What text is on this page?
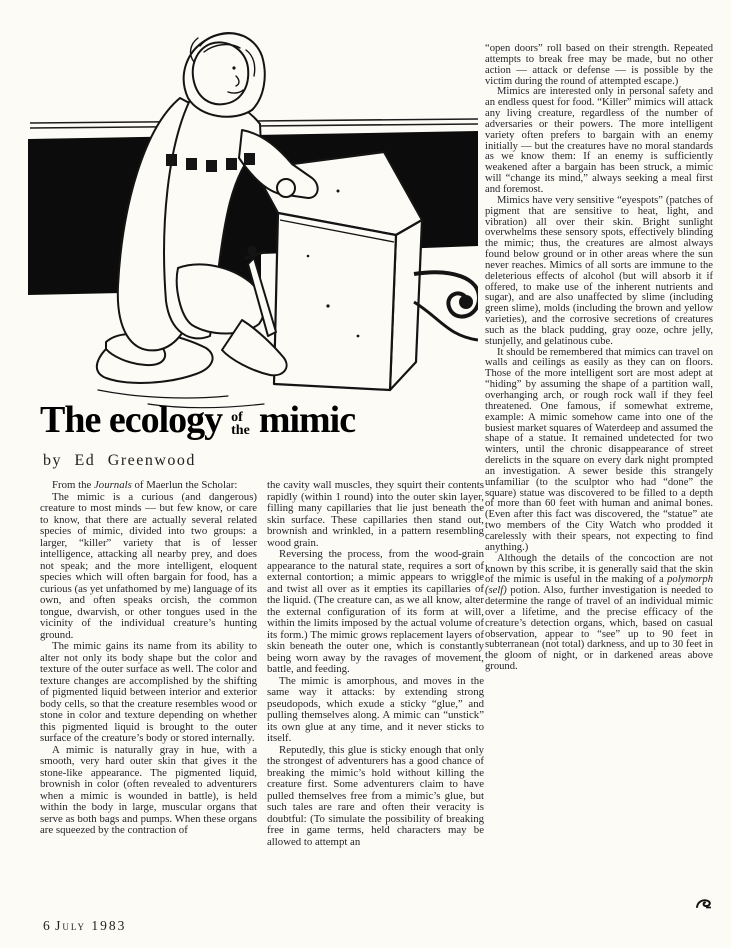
The ecology of
the mimic
by Ed Greenwood

From the Journals of Maerlun the Scholar:

The mimic is a curious (and dangerous) creature to most minds — but few know, or care to know, that there are actually several related species of mimic, divided into two groups: a larger, “killer” variety that is of lesser intelligence, attacking all nearby prey, and does not speak; and the more intelligent, eloquent species which will often bargain for food, has a curious (as yet unfathomed by me) language of its own, and often speaks orcish, the common tongue, dwarvish, or other tongues used in the vicinity of the individual creature’s hunting ground.

The mimic gains its name from its ability to alter not only its body shape but the color and texture of the outer surface as well. The color and texture changes are accomplished by the shifting of pigmented liquid between interior and exterior body cells, so that the creature resembles wood or stone in color and texture depending on whether this pigmented liquid is brought to the outer surface of the creature’s body or stored internally.

A mimic is naturally gray in hue, with a smooth, very hard outer skin that gives it the stone-like appearance. The pigmented liquid, brownish in color (often revealed to adventurers when a mimic is wounded in battle), is held within the body in large, muscular organs that serve as both bags and pumps. When these organs are squeezed by the contraction of

the cavity wall muscles, they squirt their contents rapidly (within 1 round) into the outer skin layer, filling many capillaries that lie just beneath the skin surface. These capillaries then stand out, brownish and wrinkled, in a pattern resembling wood grain.

Reversing the process, from the wood-grain appearance to the natural state, requires a sort of external contortion; a mimic appears to wriggle and twist all over as it empties its capillaries of the liquid. (The creature can, as we all know, alter the external configuration of its form at will, within the limits imposed by the actual volume of its form.) The mimic grows replacement layers of skin beneath the outer one, which is constantly being worn away by the ravages of movement, battle, and feeding.

The mimic is amorphous, and moves in the same way it attacks: by extending strong pseudopods, which exude a sticky “glue,” and pulling themselves along. A mimic can “unstick” its own glue at any time, and it never sticks to itself.

Reputedly, this glue is sticky enough that only the strongest of adventurers has a good chance of breaking the mimic’s hold without killing the creature first. Some adventurers claim to have pulled themselves free from a mimic’s glue, but such tales are rare and often their veracity is doubtful: (To simulate the possibility of breaking free in game terms, held characters may be allowed to attempt an

“open doors” roll based on their strength. Repeated attempts to break free may be made, but no other action — attack or defense — is possible by the victim during the round of attempted escape.)

Mimics are interested only in personal safety and an endless quest for food. “Killer” mimics will attack any living creature, regardless of the number of adversaries or their powers. The more intelligent variety often prefers to bargain with an enemy initially — but the creatures have no moral standards as we know them: If an enemy is sufficiently weakened after a bargain has been struck, a mimic will “change its mind,” always seeking a meal first and foremost.

Mimics have very sensitive “eyespots” (patches of pigment that are sensitive to heat, light, and vibration) all over their skin. Bright sunlight overwhelms these sensory spots, effectively blinding the mimic; thus, the creatures are almost always found below ground or in other areas where the sun never reaches. Mimics of all sorts are immune to the deleterious effects of alcohol (but will absorb it if offered, to make use of the inherent nutrients and sugar), and are also unaffected by slime (including green slime), molds (including the brown and yellow varieties), and the corrosive secretions of creatures such as the black pudding, gray ooze, ochre jelly, stunjelly, and gelatinous cube.

It should be remembered that mimics can travel on walls and ceilings as easily as they can on floors. Those of the more intelligent sort are most adept at “hiding” by assuming the shape of a partition wall, overhanging arch, or rough rock wall if they feel threatened. One famous, if somewhat extreme, example: A mimic somehow came into one of the busiest market squares of Waterdeep and assumed the shape of a statue. It remained undetected for two winters, until the chronic disappearance of street derelicts in the square on every dark night prompted an investigation. A sewer beside this strangely unfamiliar (to the sculptor who had “done” the square) statue was discovered to be filled to a depth of more than 60 feet with human and animal bones. (Even after this fact was discovered, the “statue” ate two members of the City Watch who prodded it carelessly with their spears, not expecting to find anything.)

Although the details of the concoction are not known by this scribe, it is generally said that the skin of the mimic is useful in the making of a polymorph (self) potion. Also, further investigation is needed to determine the range of travel of an individual mimic over a lifetime, and the precise efficacy of the creature’s detection organs, which, based on casual observation, appear to “see” up to 90 feet in subterranean (not total) darkness, and up to 30 feet in the gloom of night, or in darkened areas above ground.

6 July 1983
